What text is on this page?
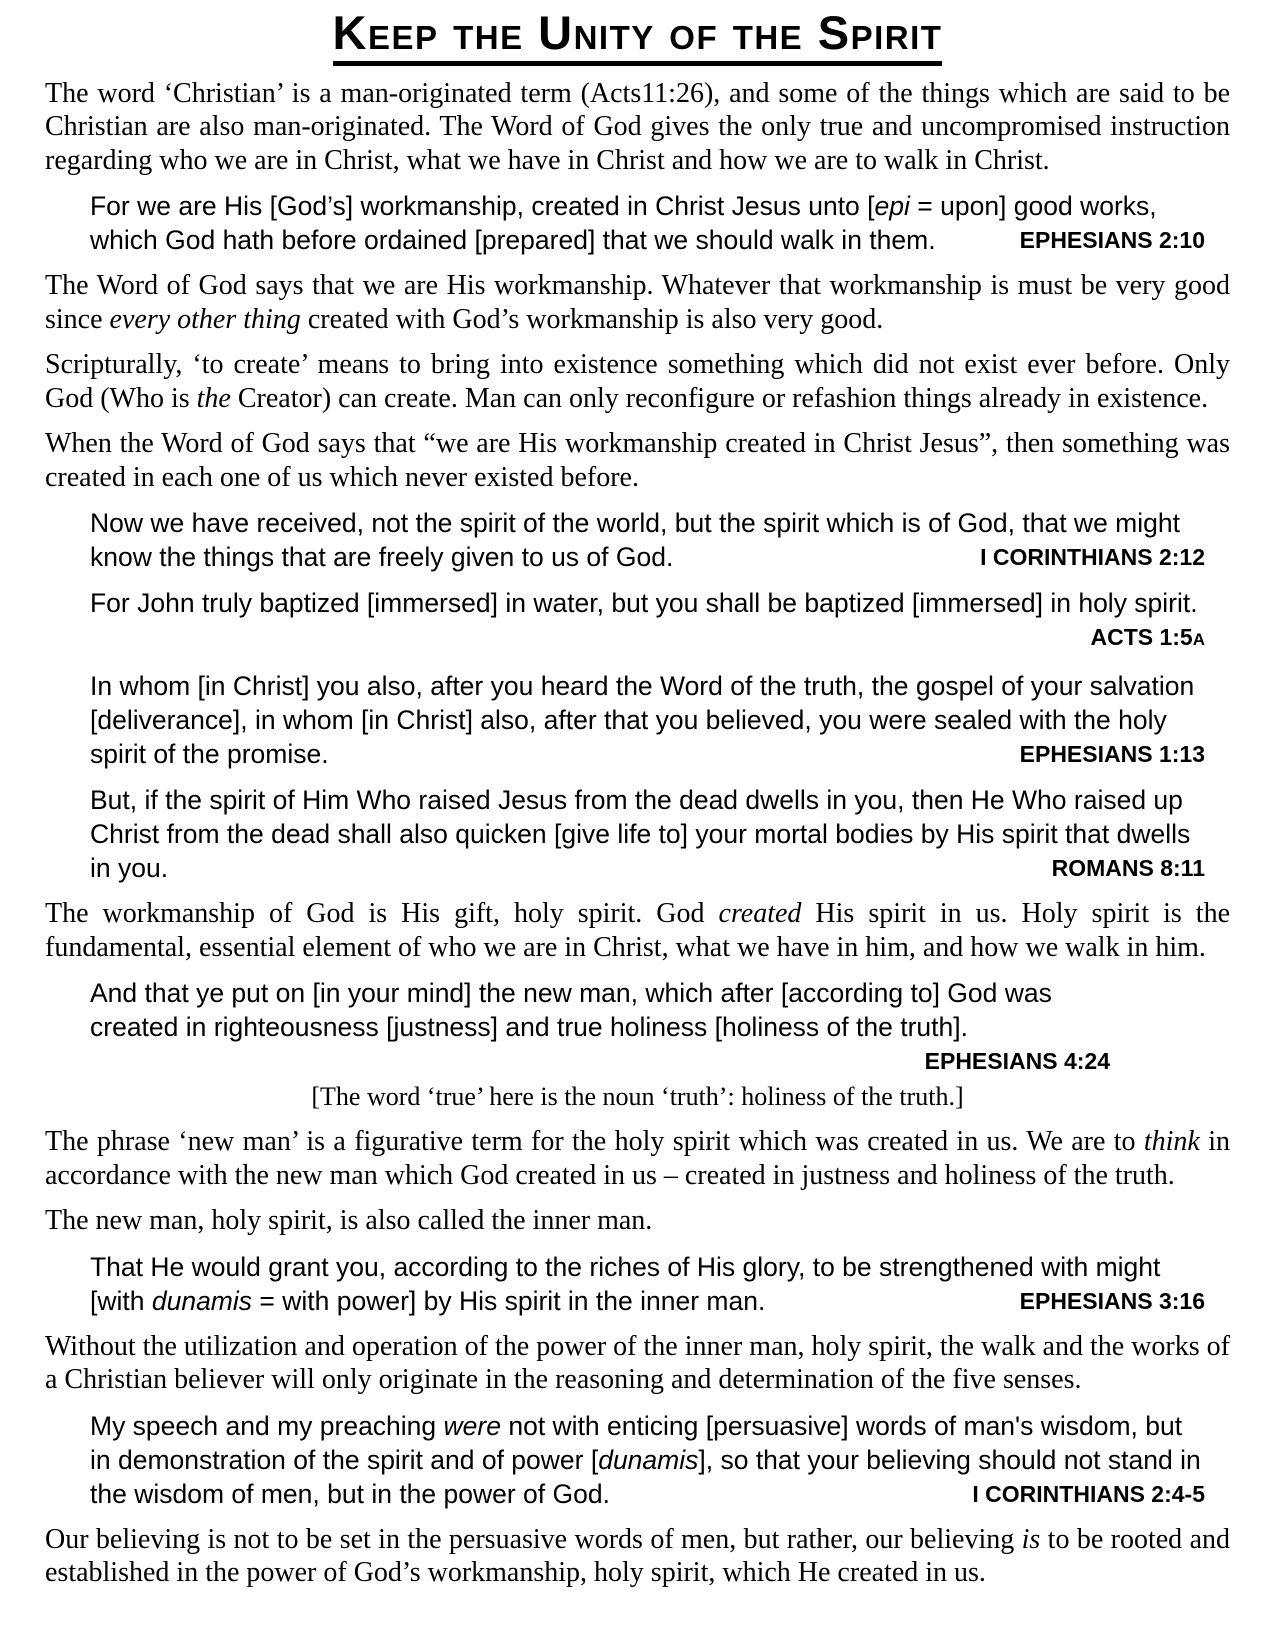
Keep the Unity of the Spirit

The word ‘Christian’ is a man-originated term (Acts11:26), and some of the things which are said to be Christian are also man-originated. The Word of God gives the only true and uncompromised instruction regarding who we are in Christ, what we have in Christ and how we are to walk in Christ.

For we are His [God’s] workmanship, created in Christ Jesus unto [epi = upon] good works, which God hath before ordained [prepared] that we should walk in them.	EPHESIANS 2:10

The Word of God says that we are His workmanship. Whatever that workmanship is must be very good since every other thing created with God’s workmanship is also very good.

Scripturally, ‘to create’ means to bring into existence something which did not exist ever before. Only God (Who is the Creator) can create. Man can only reconfigure or refashion things already in existence.

When the Word of God says that “we are His workmanship created in Christ Jesus”, then something was created in each one of us which never existed before.

Now we have received, not the spirit of the world, but the spirit which is of God, that we might know the things that are freely given to us of God.	I CORINTHIANS 2:12
For John truly baptized [immersed] in water, but you shall be baptized [immersed] in holy spirit.
ACTS 1:5A
In whom [in Christ] you also, after you heard the Word of the truth, the gospel of your salvation [deliverance], in whom [in Christ] also, after that you believed, you were sealed with the holy spirit of the promise.	EPHESIANS 1:13
But, if the spirit of Him Who raised Jesus from the dead dwells in you, then He Who raised up Christ from the dead shall also quicken [give life to] your mortal bodies by His spirit that dwells in you.	ROMANS 8:11

The workmanship of God is His gift, holy spirit. God created His spirit in us. Holy spirit is the fundamental, essential element of who we are in Christ, what we have in him, and how we walk in him.

And that ye put on [in your mind] the new man, which after [according to] God was created in righteousness [justness] and true holiness [holiness of the truth].
EPHESIANS 4:24

[The word ‘true’ here is the noun ‘truth’: holiness of the truth.]

The phrase ‘new man’ is a figurative term for the holy spirit which was created in us. We are to think in accordance with the new man which God created in us – created in justness and holiness of the truth.

The new man, holy spirit, is also called the inner man.

That He would grant you, according to the riches of His glory, to be strengthened with might [with dunamis = with power] by His spirit in the inner man.	EPHESIANS 3:16

Without the utilization and operation of the power of the inner man, holy spirit, the walk and the works of a Christian believer will only originate in the reasoning and determination of the five senses.

My speech and my preaching were not with enticing [persuasive] words of man's wisdom, but in demonstration of the spirit and of power [dunamis], so that your believing should not stand in the wisdom of men, but in the power of God.	I CORINTHIANS 2:4-5

Our believing is not to be set in the persuasive words of men, but rather, our believing is to be rooted and established in the power of God’s workmanship, holy spirit, which He created in us.
